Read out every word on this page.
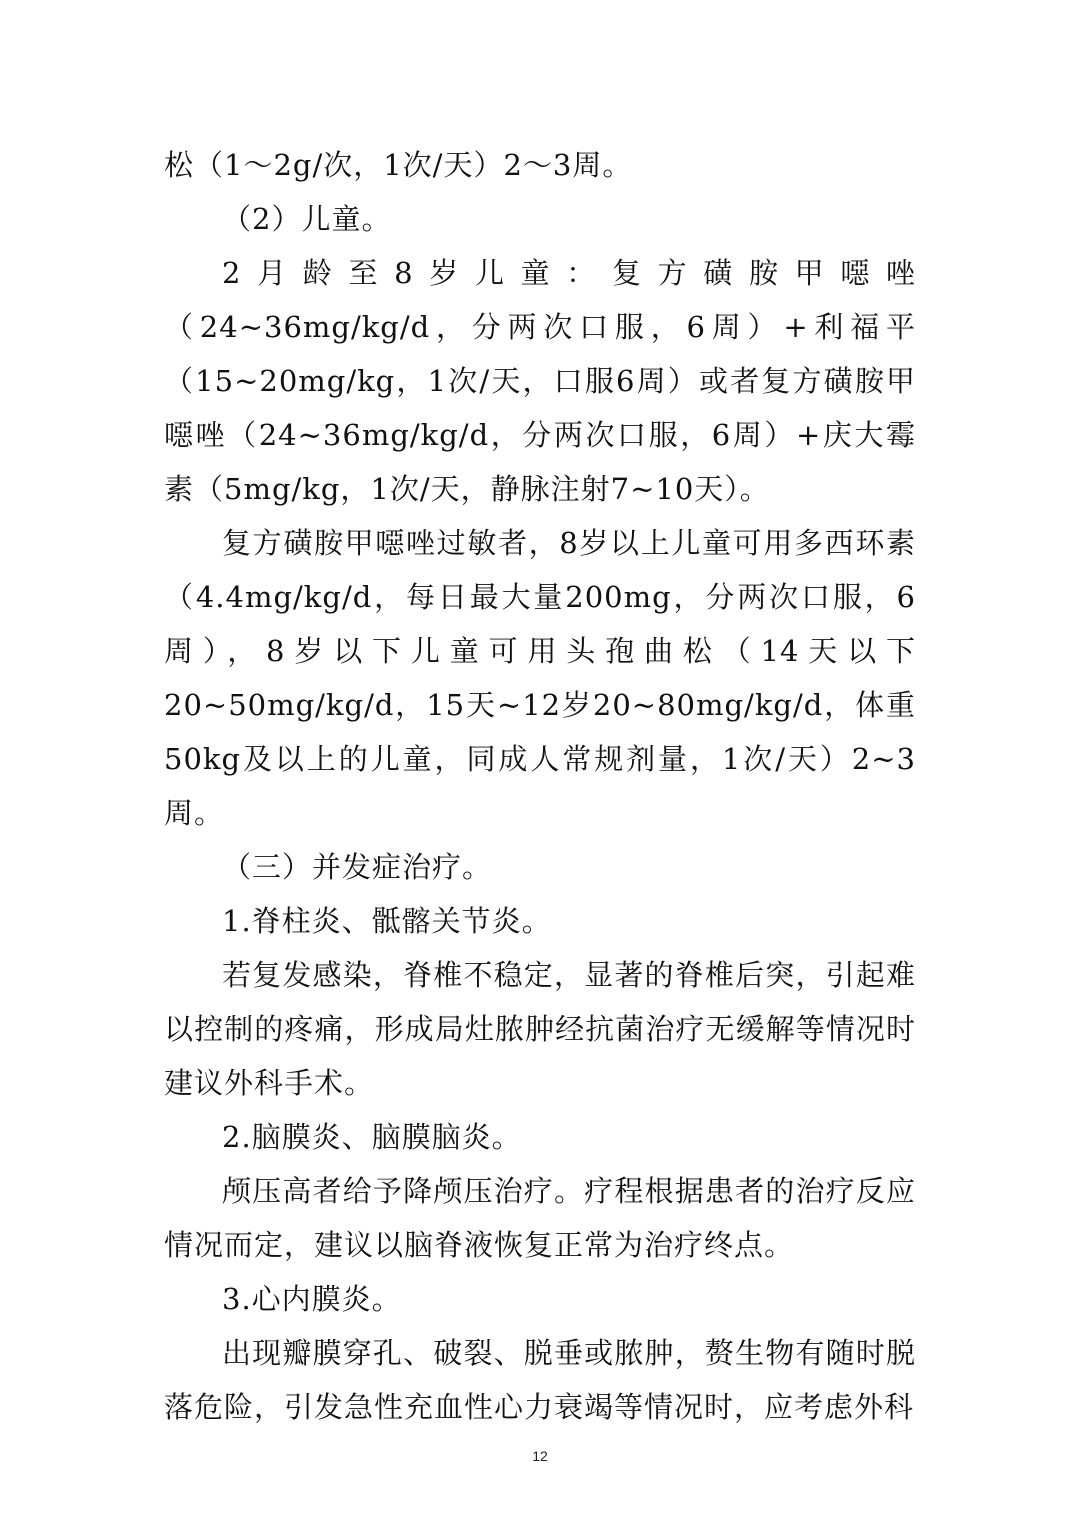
松（1～2g/次，1次/天）2～3周。

（2）儿童。

2月龄至8岁儿童：复方磺胺甲噁唑（24~36mg/kg/d，分两次口服，6周）+利福平（15~20mg/kg，1次/天，口服6周）或者复方磺胺甲噁唑（24~36mg/kg/d，分两次口服，6周）+庆大霉素（5mg/kg，1次/天，静脉注射7~10天）。

复方磺胺甲噁唑过敏者，8岁以上儿童可用多西环素（4.4mg/kg/d，每日最大量200mg，分两次口服，6周），8岁以下儿童可用头孢曲松（14天以下20~50mg/kg/d，15天~12岁20~80mg/kg/d，体重50kg及以上的儿童，同成人常规剂量，1次/天）2~3周。

（三）并发症治疗。

1.脊柱炎、骶髂关节炎。

若复发感染，脊椎不稳定，显著的脊椎后突，引起难以控制的疼痛，形成局灶脓肿经抗菌治疗无缓解等情况时建议外科手术。

2.脑膜炎、脑膜脑炎。

颅压高者给予降颅压治疗。疗程根据患者的治疗反应情况而定，建议以脑脊液恢复正常为治疗终点。

3.心内膜炎。

出现瓣膜穿孔、破裂、脱垂或脓肿，赘生物有随时脱落危险，引发急性充血性心力衰竭等情况时，应考虑外科

12
